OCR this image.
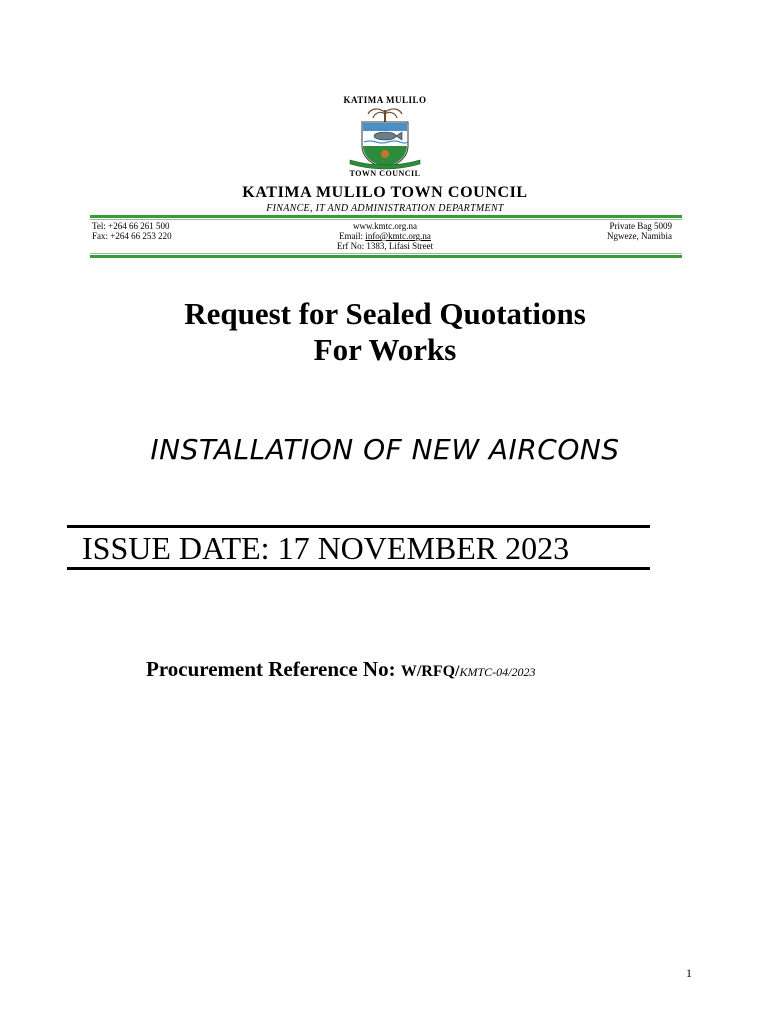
KATIMA MULILO
TOWN COUNCIL
KATIMA MULILO TOWN COUNCIL
FINANCE, IT AND ADMINISTRATION DEPARTMENT
Tel: +264 66 261 500
Fax: +264 66 253 220
www.kmtc.org.na
Email: info@kmtc.org.na
Erf No: 1383, Lifasi Street
Private Bag 5009
Ngweze, Namibia
Request for Sealed Quotations
For Works
INSTALLATION OF NEW AIRCONS
ISSUE DATE: 17 NOVEMBER 2023
Procurement Reference No: W/RFQ/KMTC-04/2023
1
